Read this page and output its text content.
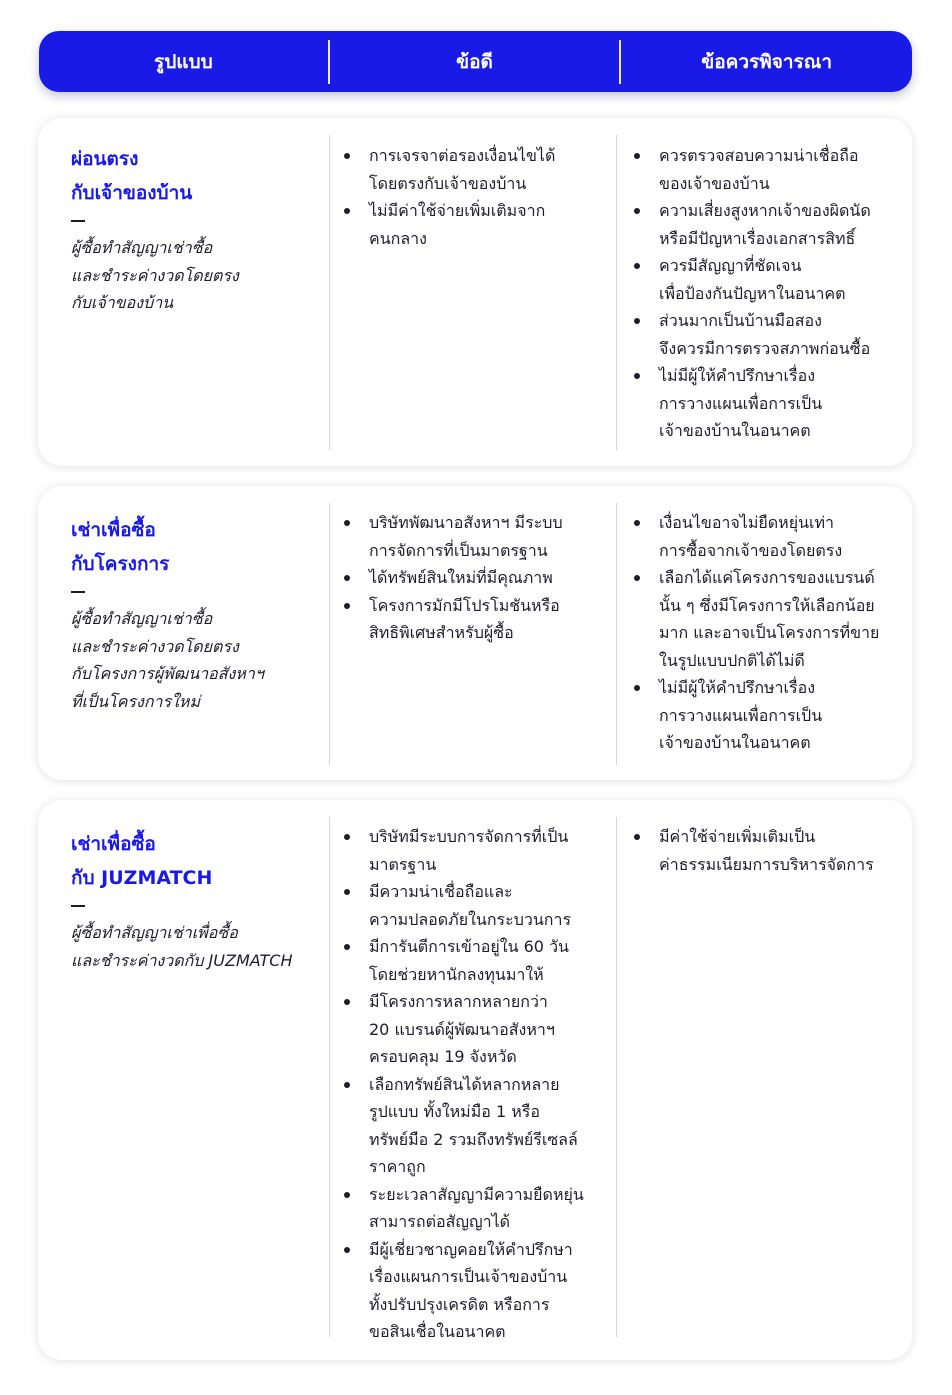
รูปแบบ	ข้อดี	ข้อควรพิจารณา
ผ่อนตรง
กับเจ้าของบ้าน
ผู้ซื้อทำสัญญาเช่าซื้อ
และชำระค่างวดโดยตรง
กับเจ้าของบ้าน
การเจรจาต่อรองเงื่อนไขได้
โดยตรงกับเจ้าของบ้าน
ไม่มีค่าใช้จ่ายเพิ่มเติมจาก
คนกลาง
ควรตรวจสอบความน่าเชื่อถือ
ของเจ้าของบ้าน
ความเสี่ยงสูงหากเจ้าของผิดนัด
หรือมีปัญหาเรื่องเอกสารสิทธิ์
ควรมีสัญญาที่ชัดเจน
เพื่อป้องกันปัญหาในอนาคต
ส่วนมากเป็นบ้านมือสอง
จึงควรมีการตรวจสภาพก่อนซื้อ
ไม่มีผู้ให้คำปรึกษาเรื่อง
การวางแผนเพื่อการเป็น
เจ้าของบ้านในอนาคต
เช่าเพื่อซื้อ
กับโครงการ
ผู้ซื้อทำสัญญาเช่าซื้อ
และชำระค่างวดโดยตรง
กับโครงการผู้พัฒนาอสังหาฯ
ที่เป็นโครงการใหม่
บริษัทพัฒนาอสังหาฯ มีระบบ
การจัดการที่เป็นมาตรฐาน
ได้ทรัพย์สินใหม่ที่มีคุณภาพ
โครงการมักมีโปรโมชันหรือ
สิทธิพิเศษสำหรับผู้ซื้อ
เงื่อนไขอาจไม่ยืดหยุ่นเท่า
การซื้อจากเจ้าของโดยตรง
เลือกได้แค่โครงการของแบรนด์
นั้น ๆ ซึ่งมีโครงการให้เลือกน้อย
มาก และอาจเป็นโครงการที่ขาย
ในรูปแบบปกติได้ไม่ดี
ไม่มีผู้ให้คำปรึกษาเรื่อง
การวางแผนเพื่อการเป็น
เจ้าของบ้านในอนาคต
เช่าเพื่อซื้อ
กับ JUZMATCH
ผู้ซื้อทำสัญญาเช่าเพื่อซื้อ
และชำระค่างวดกับ JUZMATCH
บริษัทมีระบบการจัดการที่เป็น
มาตรฐาน
มีความน่าเชื่อถือและ
ความปลอดภัยในกระบวนการ
มีการันตีการเข้าอยู่ใน 60 วัน
โดยช่วยหานักลงทุนมาให้
มีโครงการหลากหลายกว่า
20 แบรนด์ผู้พัฒนาอสังหาฯ
ครอบคลุม 19 จังหวัด
เลือกทรัพย์สินได้หลากหลาย
รูปแบบ ทั้งใหม่มือ 1 หรือ
ทรัพย์มือ 2 รวมถึงทรัพย์รีเซลล์
ราคาถูก
ระยะเวลาสัญญามีความยืดหยุ่น
สามารถต่อสัญญาได้
มีผู้เชี่ยวชาญคอยให้คำปรึกษา
เรื่องแผนการเป็นเจ้าของบ้าน
ทั้งปรับปรุงเครดิต หรือการ
ขอสินเชื่อในอนาคต
มีค่าใช้จ่ายเพิ่มเติมเป็น
ค่าธรรมเนียมการบริหารจัดการ
